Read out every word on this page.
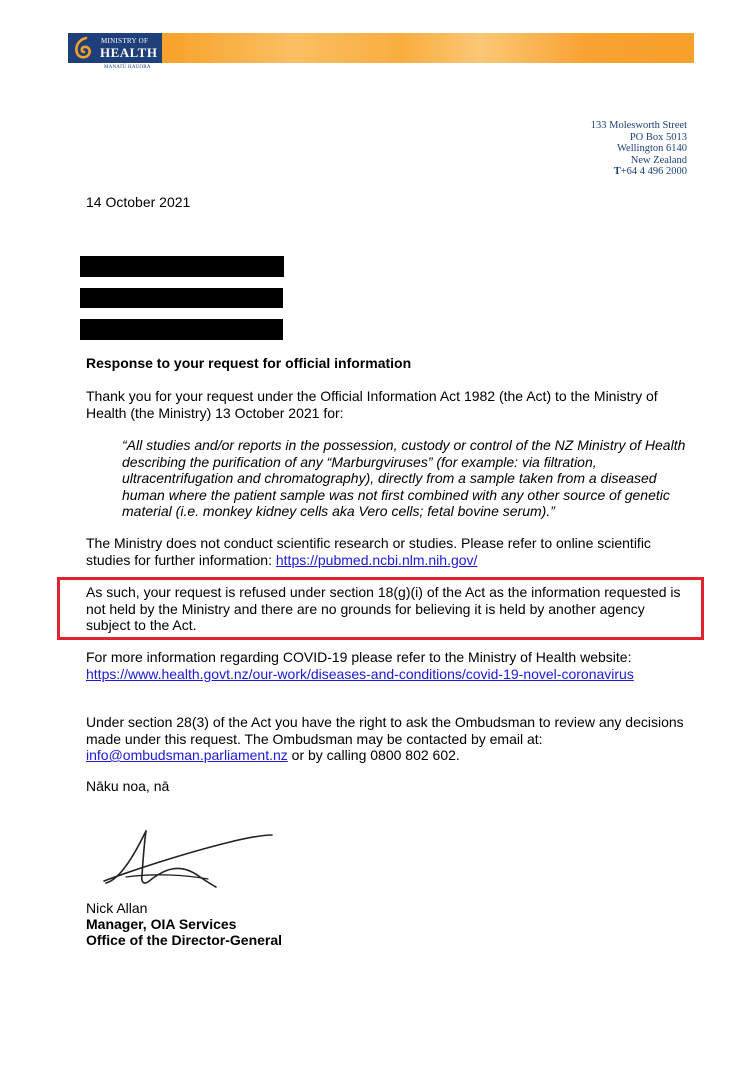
MINISTRY OF
HEALTH
MANATŪ HAUORA
133 Molesworth Street
PO Box 5013
Wellington 6140
New Zealand
T+64 4 496 2000
14 October 2021
Response to your request for official information
Thank you for your request under the Official Information Act 1982 (the Act) to the Ministry of Health (the Ministry) 13 October 2021 for:
“All studies and/or reports in the possession, custody or control of the NZ Ministry of Health describing the purification of any “Marburgviruses” (for example: via filtration, ultracentrifugation and chromatography), directly from a sample taken from a diseased human where the patient sample was not first combined with any other source of genetic material (i.e. monkey kidney cells aka Vero cells; fetal bovine serum).”
The Ministry does not conduct scientific research or studies. Please refer to online scientific studies for further information: https://pubmed.ncbi.nlm.nih.gov/
As such, your request is refused under section 18(g)(i) of the Act as the information requested is not held by the Ministry and there are no grounds for believing it is held by another agency subject to the Act.
For more information regarding COVID-19 please refer to the Ministry of Health website: https://www.health.govt.nz/our-work/diseases-and-conditions/covid-19-novel-coronavirus
Under section 28(3) of the Act you have the right to ask the Ombudsman to review any decisions made under this request. The Ombudsman may be contacted by email at: info@ombudsman.parliament.nz or by calling 0800 802 602.
Nāku noa, nā
Nick Allan
Manager, OIA Services
Office of the Director-General
